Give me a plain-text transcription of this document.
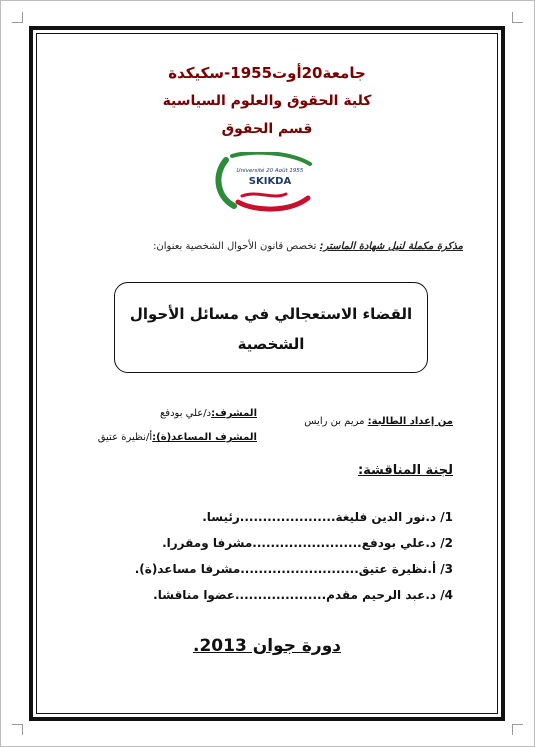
جامعة20أوت1955-سكيكدة
كلية الحقوق والعلوم السياسية
قسم الحقوق
Université 20 Août 1955
SKIKDA
مذكرة مكملة لنيل شهادة الماستر: تخصص قانون الأحوال الشخصية بعنوان:
القضاء الاستعجالي في مسائل الأحوال
الشخصية
من إعداد الطالبة: مريم بن رايس
المشرف:د/علي بودفع
المشرف المساعد(ة):أ/نظيرة عتيق
لجنة المناقشة:
1/ د.نور الدين فليغة.....................رئيسا.
2/ د.علي بودفع........................مشرفا ومقررا.
3/ أ.نظيرة عتيق..........................مشرفا مساعد(ة).
4/ د.عبد الرحيم مقدم....................عضوا مناقشا.
دورة جوان 2013.
